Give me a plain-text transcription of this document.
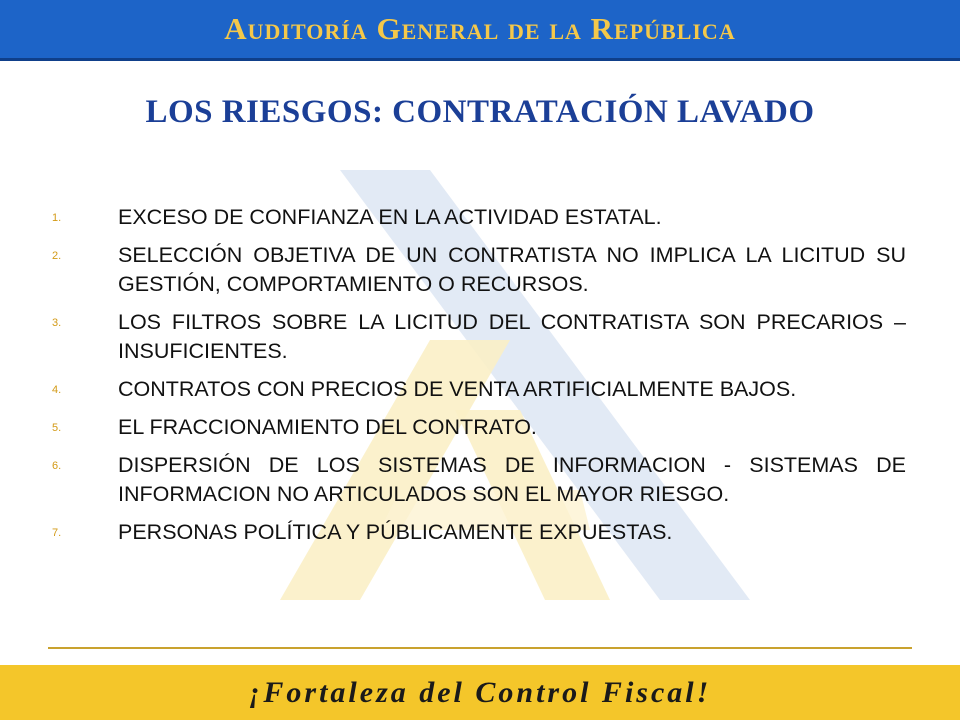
Auditoría General de la República
LOS RIESGOS: CONTRATACIÓN LAVADO
1.	EXCESO DE CONFIANZA EN LA ACTIVIDAD ESTATAL.
2.	SELECCIÓN OBJETIVA DE UN CONTRATISTA NO IMPLICA LA LICITUD SU GESTIÓN, COMPORTAMIENTO O RECURSOS.
3.	LOS FILTROS SOBRE LA LICITUD DEL CONTRATISTA SON PRECARIOS – INSUFICIENTES.
4.	CONTRATOS CON PRECIOS DE VENTA ARTIFICIALMENTE BAJOS.
5.	EL FRACCIONAMIENTO DEL CONTRATO.
6.	DISPERSIÓN DE LOS SISTEMAS DE INFORMACION - SISTEMAS DE INFORMACION NO ARTICULADOS SON EL MAYOR RIESGO.
7.	PERSONAS POLÍTICA Y PÚBLICAMENTE EXPUESTAS.
¡Fortaleza del Control Fiscal!
